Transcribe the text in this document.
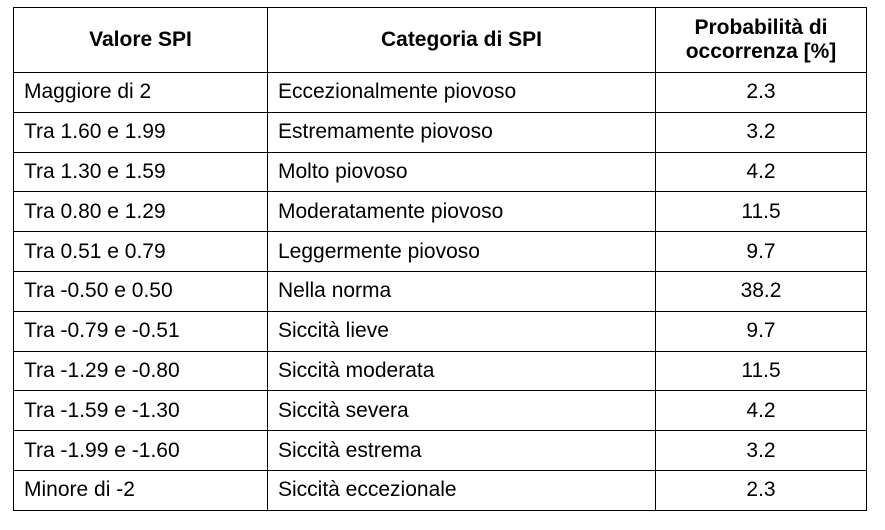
Valore SPI	Categoria di SPI	Probabilità di
occorrenza [%]

Maggiore di 2	Eccezionalmente piovoso	2.3
Tra 1.60 e 1.99	Estremamente piovoso	3.2
Tra 1.30 e 1.59	Molto piovoso	4.2
Tra 0.80 e 1.29	Moderatamente piovoso	11.5
Tra 0.51 e 0.79	Leggermente piovoso	9.7
Tra -0.50 e 0.50	Nella norma	38.2
Tra -0.79 e -0.51	Siccità lieve	9.7
Tra -1.29 e -0.80	Siccità moderata	11.5
Tra -1.59 e -1.30	Siccità severa	4.2
Tra -1.99 e -1.60	Siccità estrema	3.2
Minore di -2	Siccità eccezionale	2.3
